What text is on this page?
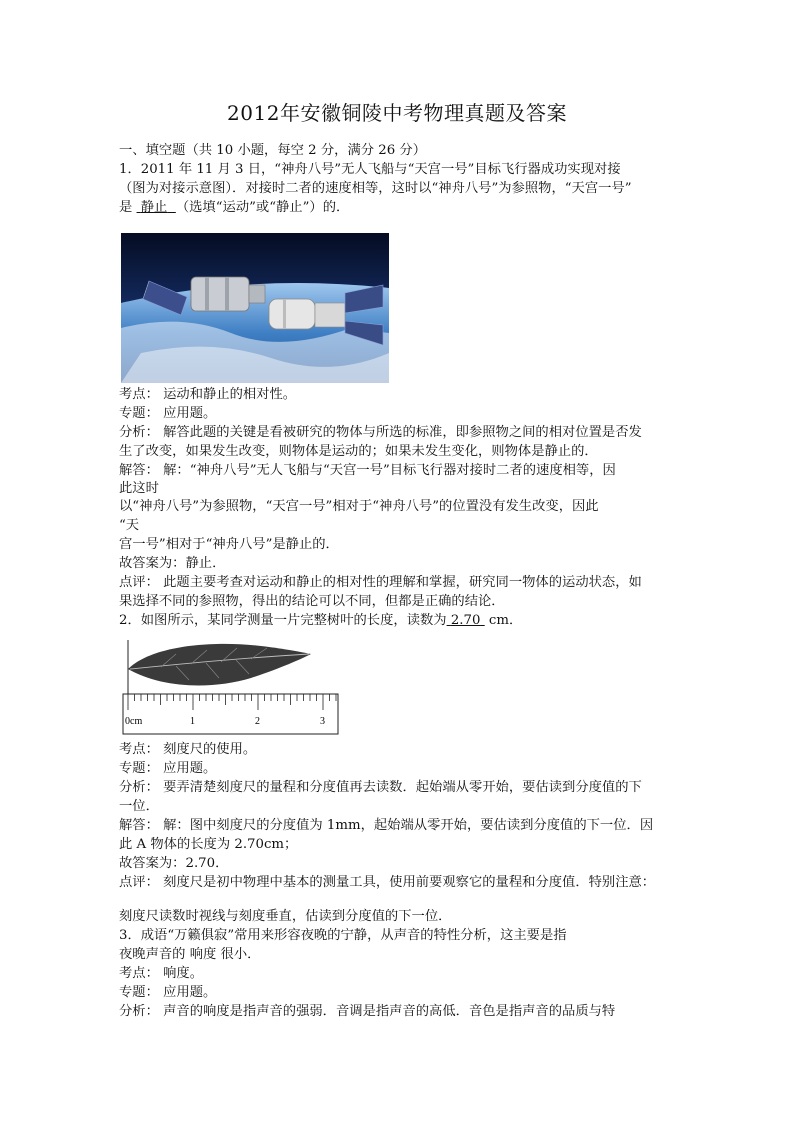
2012年安徽铜陵中考物理真题及答案
一、填空题（共 10 小题，每空 2 分，满分 26 分）
1．2011 年 11 月 3 日，“神舟八号”无人飞船与“天宫一号”目标飞行器成功实现对接
（图为对接示意图）．对接时二者的速度相等，这时以“神舟八号”为参照物，“天宫一号”
是 静止 （选填“运动”或“静止”）的．
考点： 运动和静止的相对性。
专题： 应用题。
分析： 解答此题的关键是看被研究的物体与所选的标准，即参照物之间的相对位置是否发
生了改变，如果发生改变，则物体是运动的；如果未发生变化，则物体是静止的．
解答： 解：“神舟八号”无人飞船与“天宫一号”目标飞行器对接时二者的速度相等，因
此这时
以“神舟八号”为参照物，“天宫一号”相对于“神舟八号”的位置没有发生改变，因此
“天
宫一号”相对于“神舟八号”是静止的．
故答案为：静止．
点评： 此题主要考查对运动和静止的相对性的理解和掌握，研究同一物体的运动状态，如
果选择不同的参照物，得出的结论可以不同，但都是正确的结论．
2．如图所示，某同学测量一片完整树叶的长度，读数为 2.70 cm．
0cm	1	2	3
考点： 刻度尺的使用。
专题： 应用题。
分析： 要弄清楚刻度尺的量程和分度值再去读数．起始端从零开始，要估读到分度值的下
一位．
解答： 解：图中刻度尺的分度值为 1mm，起始端从零开始，要估读到分度值的下一位．因
此 A 物体的长度为 2.70cm；
故答案为：2.70．
点评： 刻度尺是初中物理中基本的测量工具，使用前要观察它的量程和分度值．特别注意：
刻度尺读数时视线与刻度垂直，估读到分度值的下一位．
3．成语“万籁俱寂”常用来形容夜晚的宁静，从声音的特性分析，这主要是指
夜晚声音的 响度 很小．
考点： 响度。
专题： 应用题。
分析： 声音的响度是指声音的强弱．音调是指声音的高低．音色是指声音的品质与特
